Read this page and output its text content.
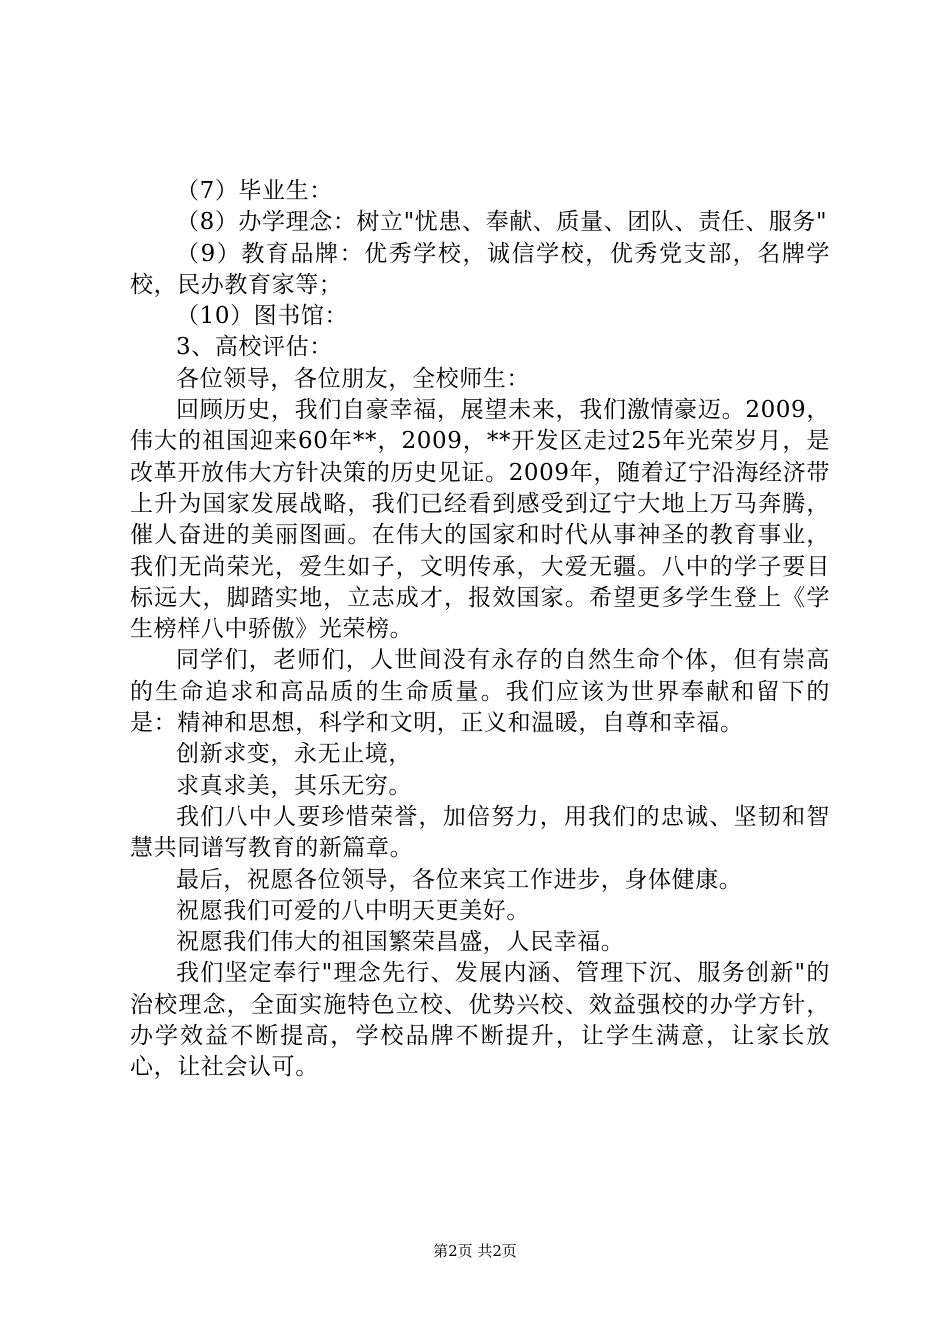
（7）毕业生：

（8）办学理念：树立"忧患、奉献、质量、团队、责任、服务"

（9）教育品牌：优秀学校，诚信学校，优秀党支部，名牌学校，民办教育家等；

（10）图书馆：

3、高校评估：

各位领导，各位朋友，全校师生：

回顾历史，我们自豪幸福，展望未来，我们激情豪迈。2009，伟大的祖国迎来60年**，2009，**开发区走过25年光荣岁月，是改革开放伟大方针决策的历史见证。2009年，随着辽宁沿海经济带上升为国家发展战略，我们已经看到感受到辽宁大地上万马奔腾，催人奋进的美丽图画。在伟大的国家和时代从事神圣的教育事业，我们无尚荣光，爱生如子，文明传承，大爱无疆。八中的学子要目标远大，脚踏实地，立志成才，报效国家。希望更多学生登上《学生榜样八中骄傲》光荣榜。

同学们，老师们，人世间没有永存的自然生命个体，但有崇高的生命追求和高品质的生命质量。我们应该为世界奉献和留下的是：精神和思想，科学和文明，正义和温暖，自尊和幸福。

创新求变，永无止境，

求真求美，其乐无穷。

我们八中人要珍惜荣誉，加倍努力，用我们的忠诚、坚韧和智慧共同谱写教育的新篇章。

最后，祝愿各位领导，各位来宾工作进步，身体健康。

祝愿我们可爱的八中明天更美好。

祝愿我们伟大的祖国繁荣昌盛，人民幸福。

我们坚定奉行"理念先行、发展内涵、管理下沉、服务创新"的治校理念，全面实施特色立校、优势兴校、效益强校的办学方针，办学效益不断提高，学校品牌不断提升，让学生满意，让家长放心，让社会认可。

第2页 共2页
